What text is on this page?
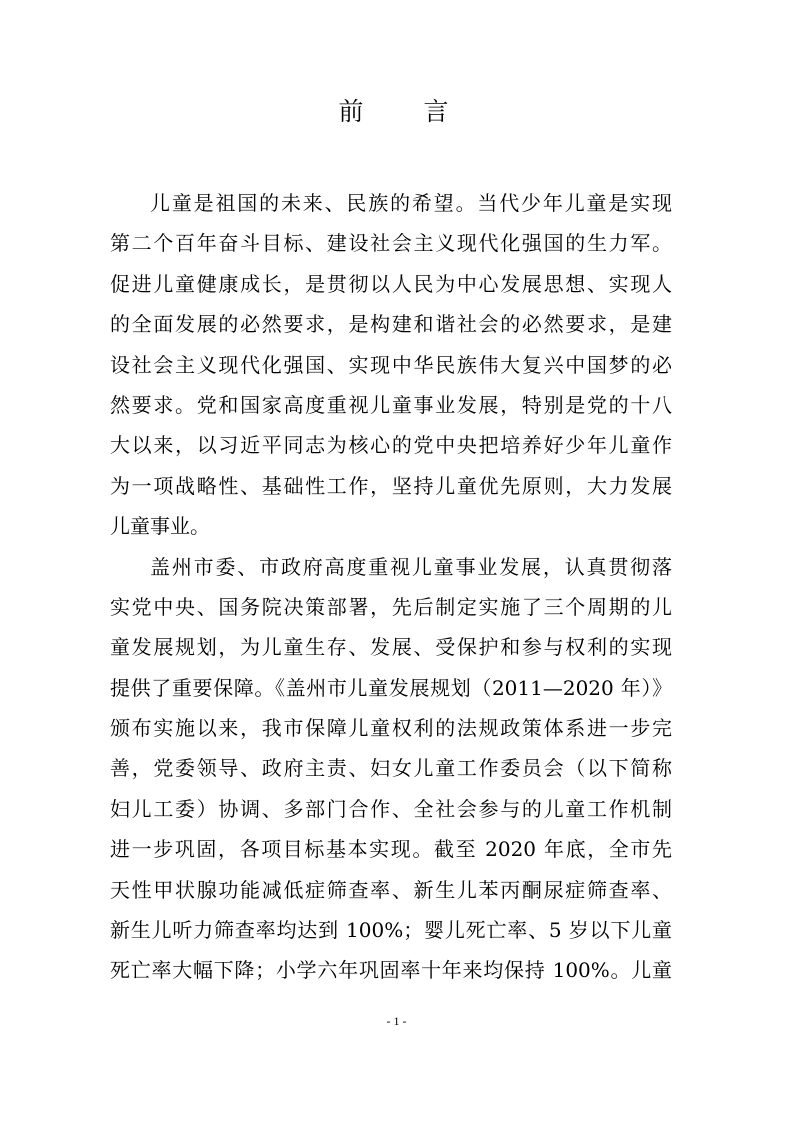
前 言
儿童是祖国的未来、民族的希望。当代少年儿童是实现
第二个百年奋斗目标、建设社会主义现代化强国的生力军。
促进儿童健康成长，是贯彻以人民为中心发展思想、实现人
的全面发展的必然要求，是构建和谐社会的必然要求，是建
设社会主义现代化强国、实现中华民族伟大复兴中国梦的必
然要求。党和国家高度重视儿童事业发展，特别是党的十八
大以来，以习近平同志为核心的党中央把培养好少年儿童作
为一项战略性、基础性工作，坚持儿童优先原则，大力发展
儿童事业。
盖州市委、市政府高度重视儿童事业发展，认真贯彻落
实党中央、国务院决策部署，先后制定实施了三个周期的儿
童发展规划，为儿童生存、发展、受保护和参与权利的实现
提供了重要保障。《盖州市儿童发展规划（2011—2020 年）》
颁布实施以来，我市保障儿童权利的法规政策体系进一步完
善，党委领导、政府主责、妇女儿童工作委员会（以下简称
妇儿工委）协调、多部门合作、全社会参与的儿童工作机制
进一步巩固，各项目标基本实现。截至 2020 年底，全市先
天性甲状腺功能减低症筛查率、新生儿苯丙酮尿症筛查率、
新生儿听力筛查率均达到 100%；婴儿死亡率、5 岁以下儿童
死亡率大幅下降；小学六年巩固率十年来均保持 100%。儿童
- 1 -
